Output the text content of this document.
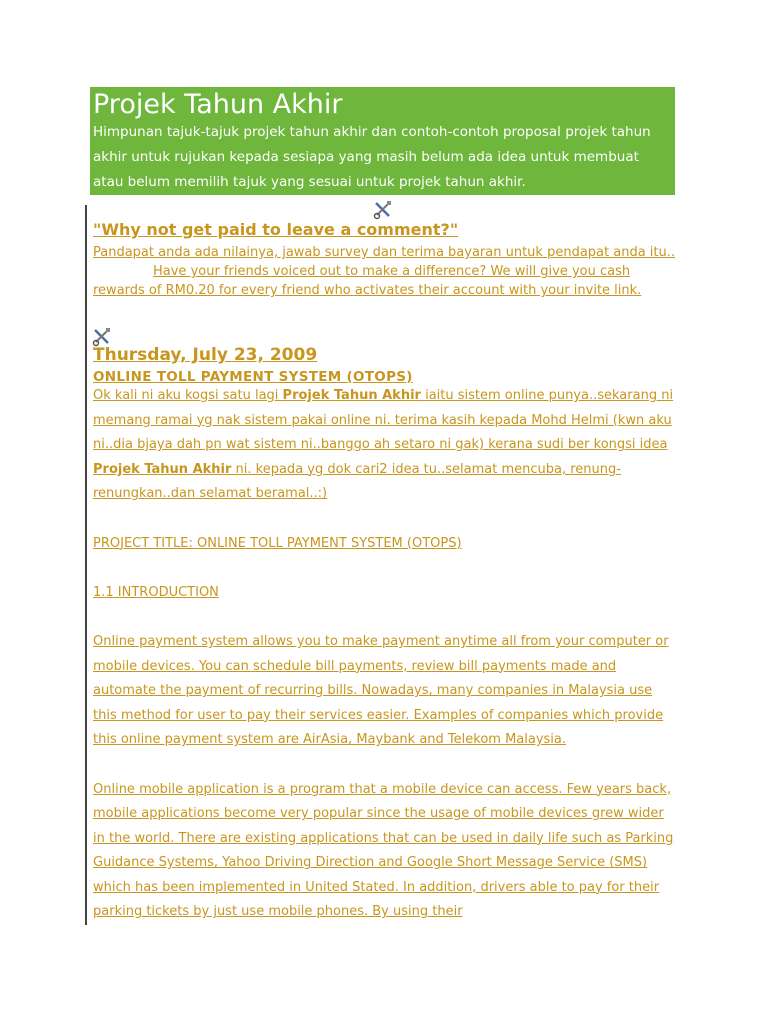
Projek Tahun Akhir

Himpunan tajuk-tajuk projek tahun akhir dan contoh-contoh proposal projek tahun akhir untuk rujukan kepada sesiapa yang masih belum ada idea untuk membuat atau belum memilih tajuk yang sesuai untuk projek tahun akhir.

"Why not get paid to leave a comment?"

Pandapat anda ada nilainya, jawab survey dan terima bayaran untuk pendapat anda itu..Have your friends voiced out to make a difference? We will give you cash rewards of RM0.20 for every friend who activates their account with your invite link.

Thursday, July 23, 2009
ONLINE TOLL PAYMENT SYSTEM (OTOPS)

Ok kali ni aku kogsi satu lagi Projek Tahun Akhir iaitu sistem online punya..sekarang ni memang ramai yg nak sistem pakai online ni. terima kasih kepada Mohd Helmi (kwn aku ni..dia bjaya dah pn wat sistem ni..banggo ah setaro ni gak) kerana sudi ber kongsi idea Projek Tahun Akhir ni. kepada yg dok cari2 idea tu..selamat mencuba, renung-renungkan..dan selamat beramal..:)

PROJECT TITLE: ONLINE TOLL PAYMENT SYSTEM (OTOPS)

1.1 INTRODUCTION

Online payment system allows you to make payment anytime all from your computer or mobile devices. You can schedule bill payments, review bill payments made and automate the payment of recurring bills. Nowadays, many companies in Malaysia use this method for user to pay their services easier. Examples of companies which provide this online payment system are AirAsia, Maybank and Telekom Malaysia.

Online mobile application is a program that a mobile device can access. Few years back, mobile applications become very popular since the usage of mobile devices grew wider in the world. There are existing applications that can be used in daily life such as Parking Guidance Systems, Yahoo Driving Direction and Google Short Message Service (SMS) which has been implemented in United Stated. In addition, drivers able to pay for their parking tickets by just use mobile phones. By using their
